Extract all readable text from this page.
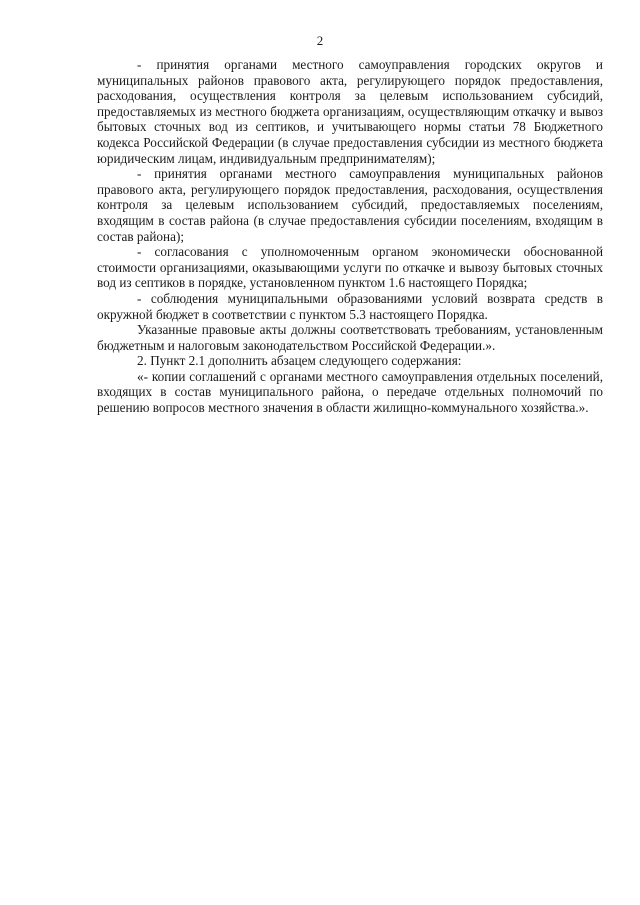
2

- принятия органами местного самоуправления городских округов и муниципальных районов правового акта, регулирующего порядок предоставления, расходования, осуществления контроля за целевым использованием субсидий, предоставляемых из местного бюджета организациям, осуществляющим откачку и вывоз бытовых сточных вод из септиков, и учитывающего нормы статьи 78 Бюджетного кодекса Российской Федерации (в случае предоставления субсидии из местного бюджета юридическим лицам, индивидуальным предпринимателям);

- принятия органами местного самоуправления муниципальных районов правового акта, регулирующего порядок предоставления, расходования, осуществления контроля за целевым использованием субсидий, предоставляемых поселениям, входящим в состав района (в случае предоставления субсидии поселениям, входящим в состав района);

- согласования с уполномоченным органом экономически обоснованной стоимости организациями, оказывающими услуги по откачке и вывозу бытовых сточных вод из септиков в порядке, установленном пунктом 1.6 настоящего Порядка;

- соблюдения муниципальными образованиями условий возврата средств в окружной бюджет в соответствии с пунктом 5.3 настоящего Порядка.

Указанные правовые акты должны соответствовать требованиям, установленным бюджетным и налоговым законодательством Российской Федерации.».

2. Пункт 2.1 дополнить абзацем следующего содержания:

«- копии соглашений с органами местного самоуправления отдельных поселений, входящих в состав муниципального района, о передаче отдельных полномочий по решению вопросов местного значения в области жилищно-коммунального хозяйства.».
